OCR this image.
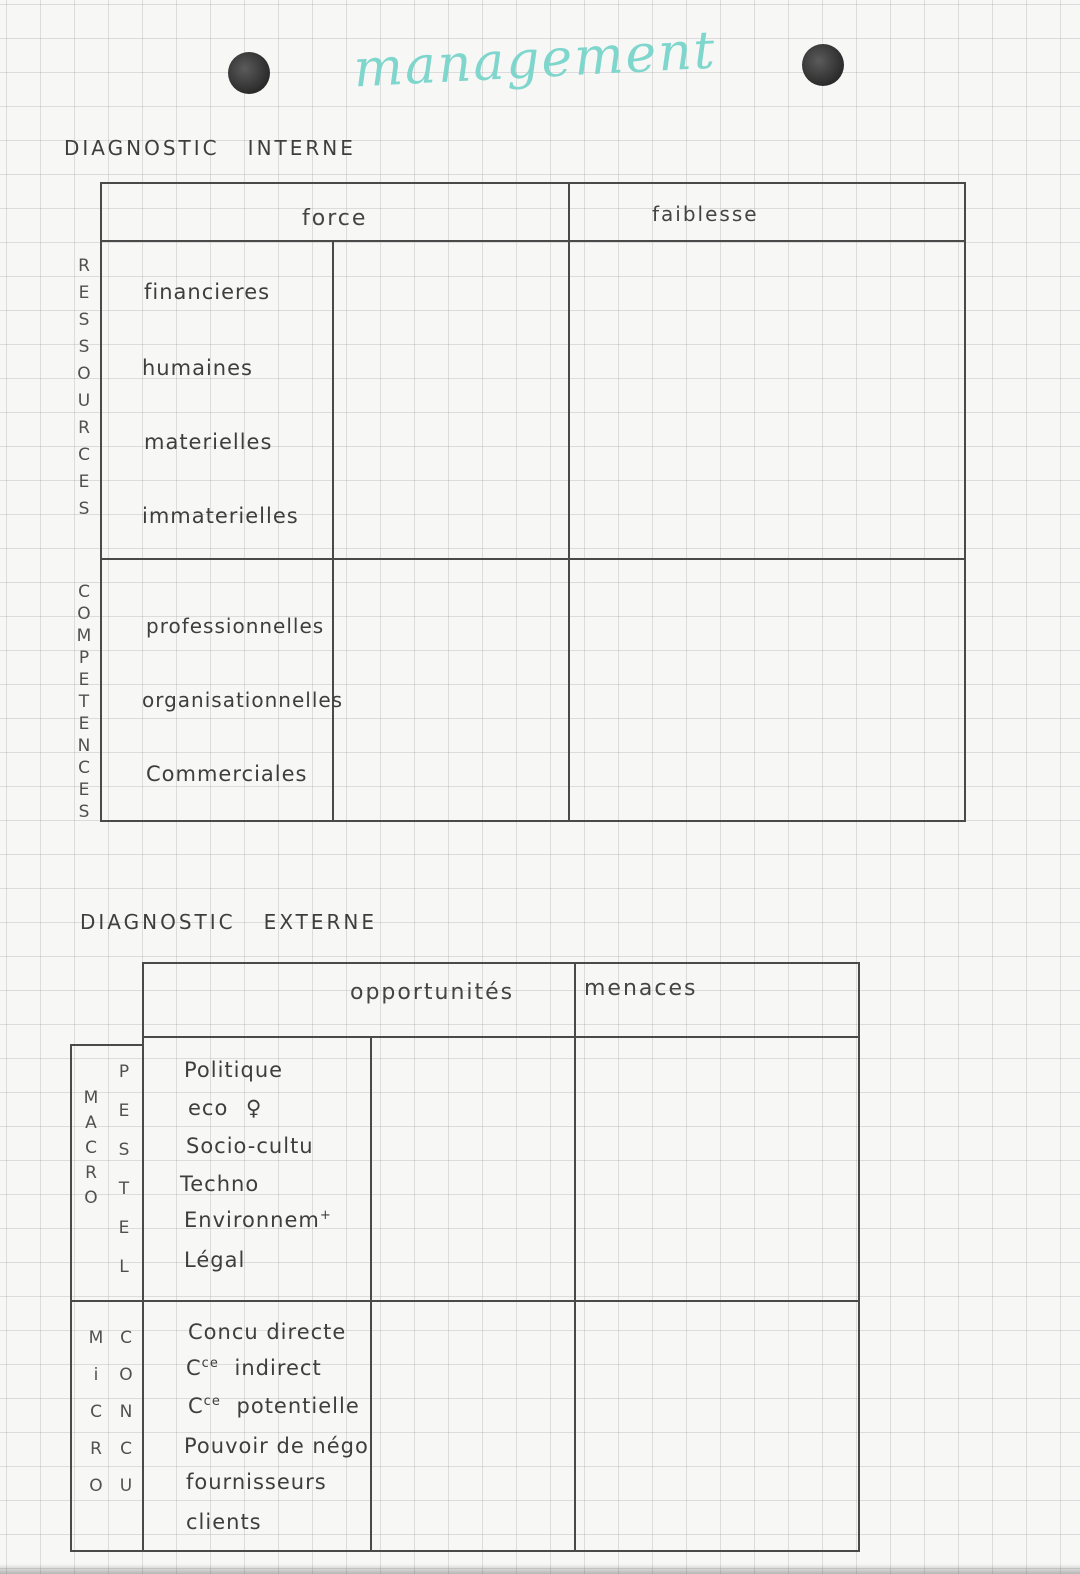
management
DIAGNOSTIC   INTERNE
force	faiblesse
R
E
S
S
O
U
R
C
E
S
C
O
M
P
E
T
E
N
C
E
S
financieres
humaines
materielles
immaterielles
professionnelles
organisationnelles
Commerciales
DIAGNOSTIC   EXTERNE
opportunités	menaces
M
A
C
R
O
P
E
S
T
E
L
Politique
eco ♀
Socio-cultu
Techno
Environnem+
Légal
M
i
C
R
O
C
O
N
C
U
Concu directe
$C^{ce}$ indirect
$C^{ce}$ potentielle
Pouvoir de négo
fournisseurs
clients
